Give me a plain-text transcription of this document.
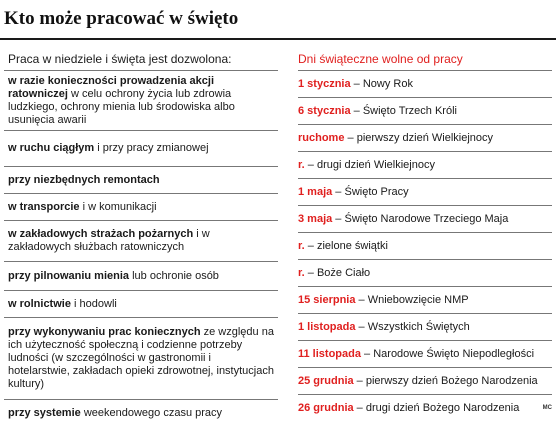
Kto może pracować w święto
Praca w niedziele i święta jest dozwolona:
w razie konieczności prowadzenia akcji ratowniczej w celu ochrony życia lub zdrowia ludzkiego, ochrony mienia lub środowiska albo usunięcia awarii
w ruchu ciągłym i przy pracy zmianowej
przy niezbędnych remontach
w transporcie i w komunikacji
w zakładowych strażach pożarnych i w zakładowych służbach ratowniczych
przy pilnowaniu mienia lub ochronie osób
w rolnictwie i hodowli
przy wykonywaniu prac koniecznych ze względu na ich użyteczność społeczną i codzienne potrzeby ludności (w szczególności w gastronomii i hotelarstwie, zakładach opieki zdrowotnej, instytucjach kultury)
przy systemie weekendowego czasu pracy
Dni świąteczne wolne od pracy
1 stycznia – Nowy Rok
6 stycznia – Święto Trzech Króli
ruchome – pierwszy dzień Wielkiejnocy
r. – drugi dzień Wielkiejnocy
1 maja – Święto Pracy
3 maja – Święto Narodowe Trzeciego Maja
r. – zielone świątki
r. – Boże Ciało
15 sierpnia – Wniebowzięcie NMP
1 listopada – Wszystkich Świętych
11 listopada – Narodowe Święto Niepodległości
25 grudnia – pierwszy dzień Bożego Narodzenia
26 grudnia – drugi dzień Bożego Narodzenia	MC
